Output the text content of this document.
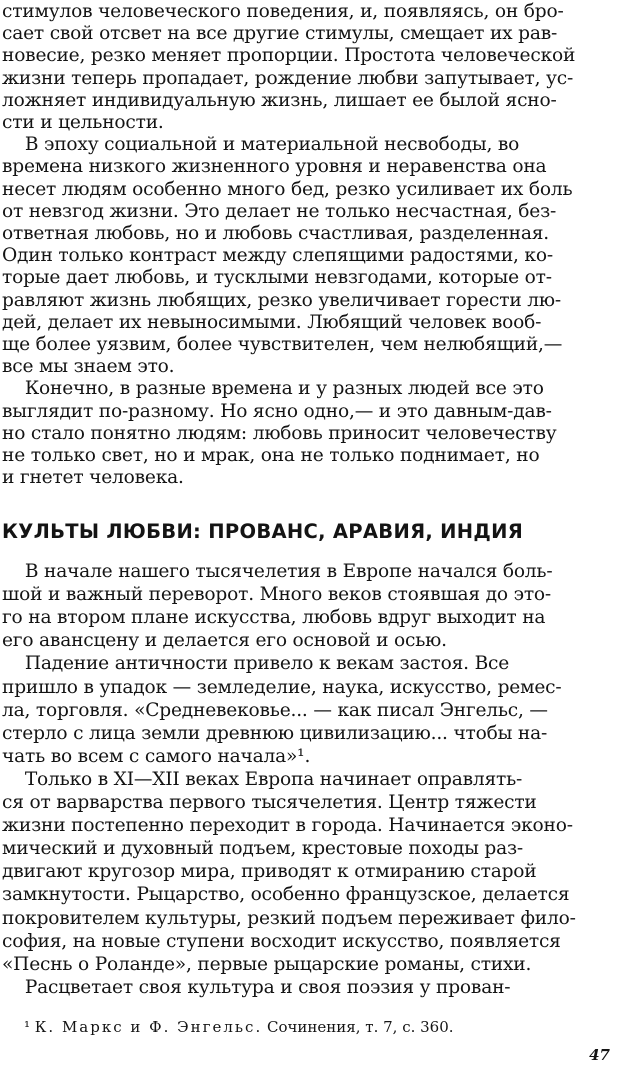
стимулов человеческого поведения, и, появляясь, он бро-
сает свой отсвет на все другие стимулы, смещает их рав-
новесие, резко меняет пропорции. Простота человеческой
жизни теперь пропадает, рождение любви запутывает, ус-
ложняет индивидуальную жизнь, лишает ее былой ясно-
сти и цельности.
В эпоху социальной и материальной несвободы, во
времена низкого жизненного уровня и неравенства она
несет людям особенно много бед, резко усиливает их боль
от невзгод жизни. Это делает не только несчастная, без-
ответная любовь, но и любовь счастливая, разделенная.
Один только контраст между слепящими радостями, ко-
торые дает любовь, и тусклыми невзгодами, которые от-
равляют жизнь любящих, резко увеличивает горести лю-
дей, делает их невыносимыми. Любящий человек вооб-
ще более уязвим, более чувствителен, чем нелюбящий,—
все мы знаем это.
Конечно, в разные времена и у разных людей все это
выглядит по-разному. Но ясно одно,— и это давным-дав-
но стало понятно людям: любовь приносит человечеству
не только свет, но и мрак, она не только поднимает, но
и гнетет человека.
КУЛЬТЫ ЛЮБВИ: ПРОВАНС, АРАВИЯ, ИНДИЯ
В начале нашего тысячелетия в Европе начался боль-
шой и важный переворот. Много веков стоявшая до это-
го на втором плане искусства, любовь вдруг выходит на
его авансцену и делается его основой и осью.
Падение античности привело к векам застоя. Все
пришло в упадок — земледелие, наука, искусство, ремес-
ла, торговля. «Средневековье... — как писал Энгельс, —
стерло с лица земли древнюю цивилизацию... чтобы на-
чать во всем с самого начала»¹.
Только в XI—XII веках Европа начинает оправлять-
ся от варварства первого тысячелетия. Центр тяжести
жизни постепенно переходит в города. Начинается эконо-
мический и духовный подъем, крестовые походы раз-
двигают кругозор мира, приводят к отмиранию старой
замкнутости. Рыцарство, особенно французское, делается
покровителем культуры, резкий подъем переживает фило-
софия, на новые ступени восходит искусство, появляется
«Песнь о Роланде», первые рыцарские романы, стихи.
Расцветает своя культура и своя поэзия у прован-
¹ К. Маркс и Ф. Энгельс. Сочинения, т. 7, с. 360.
47
